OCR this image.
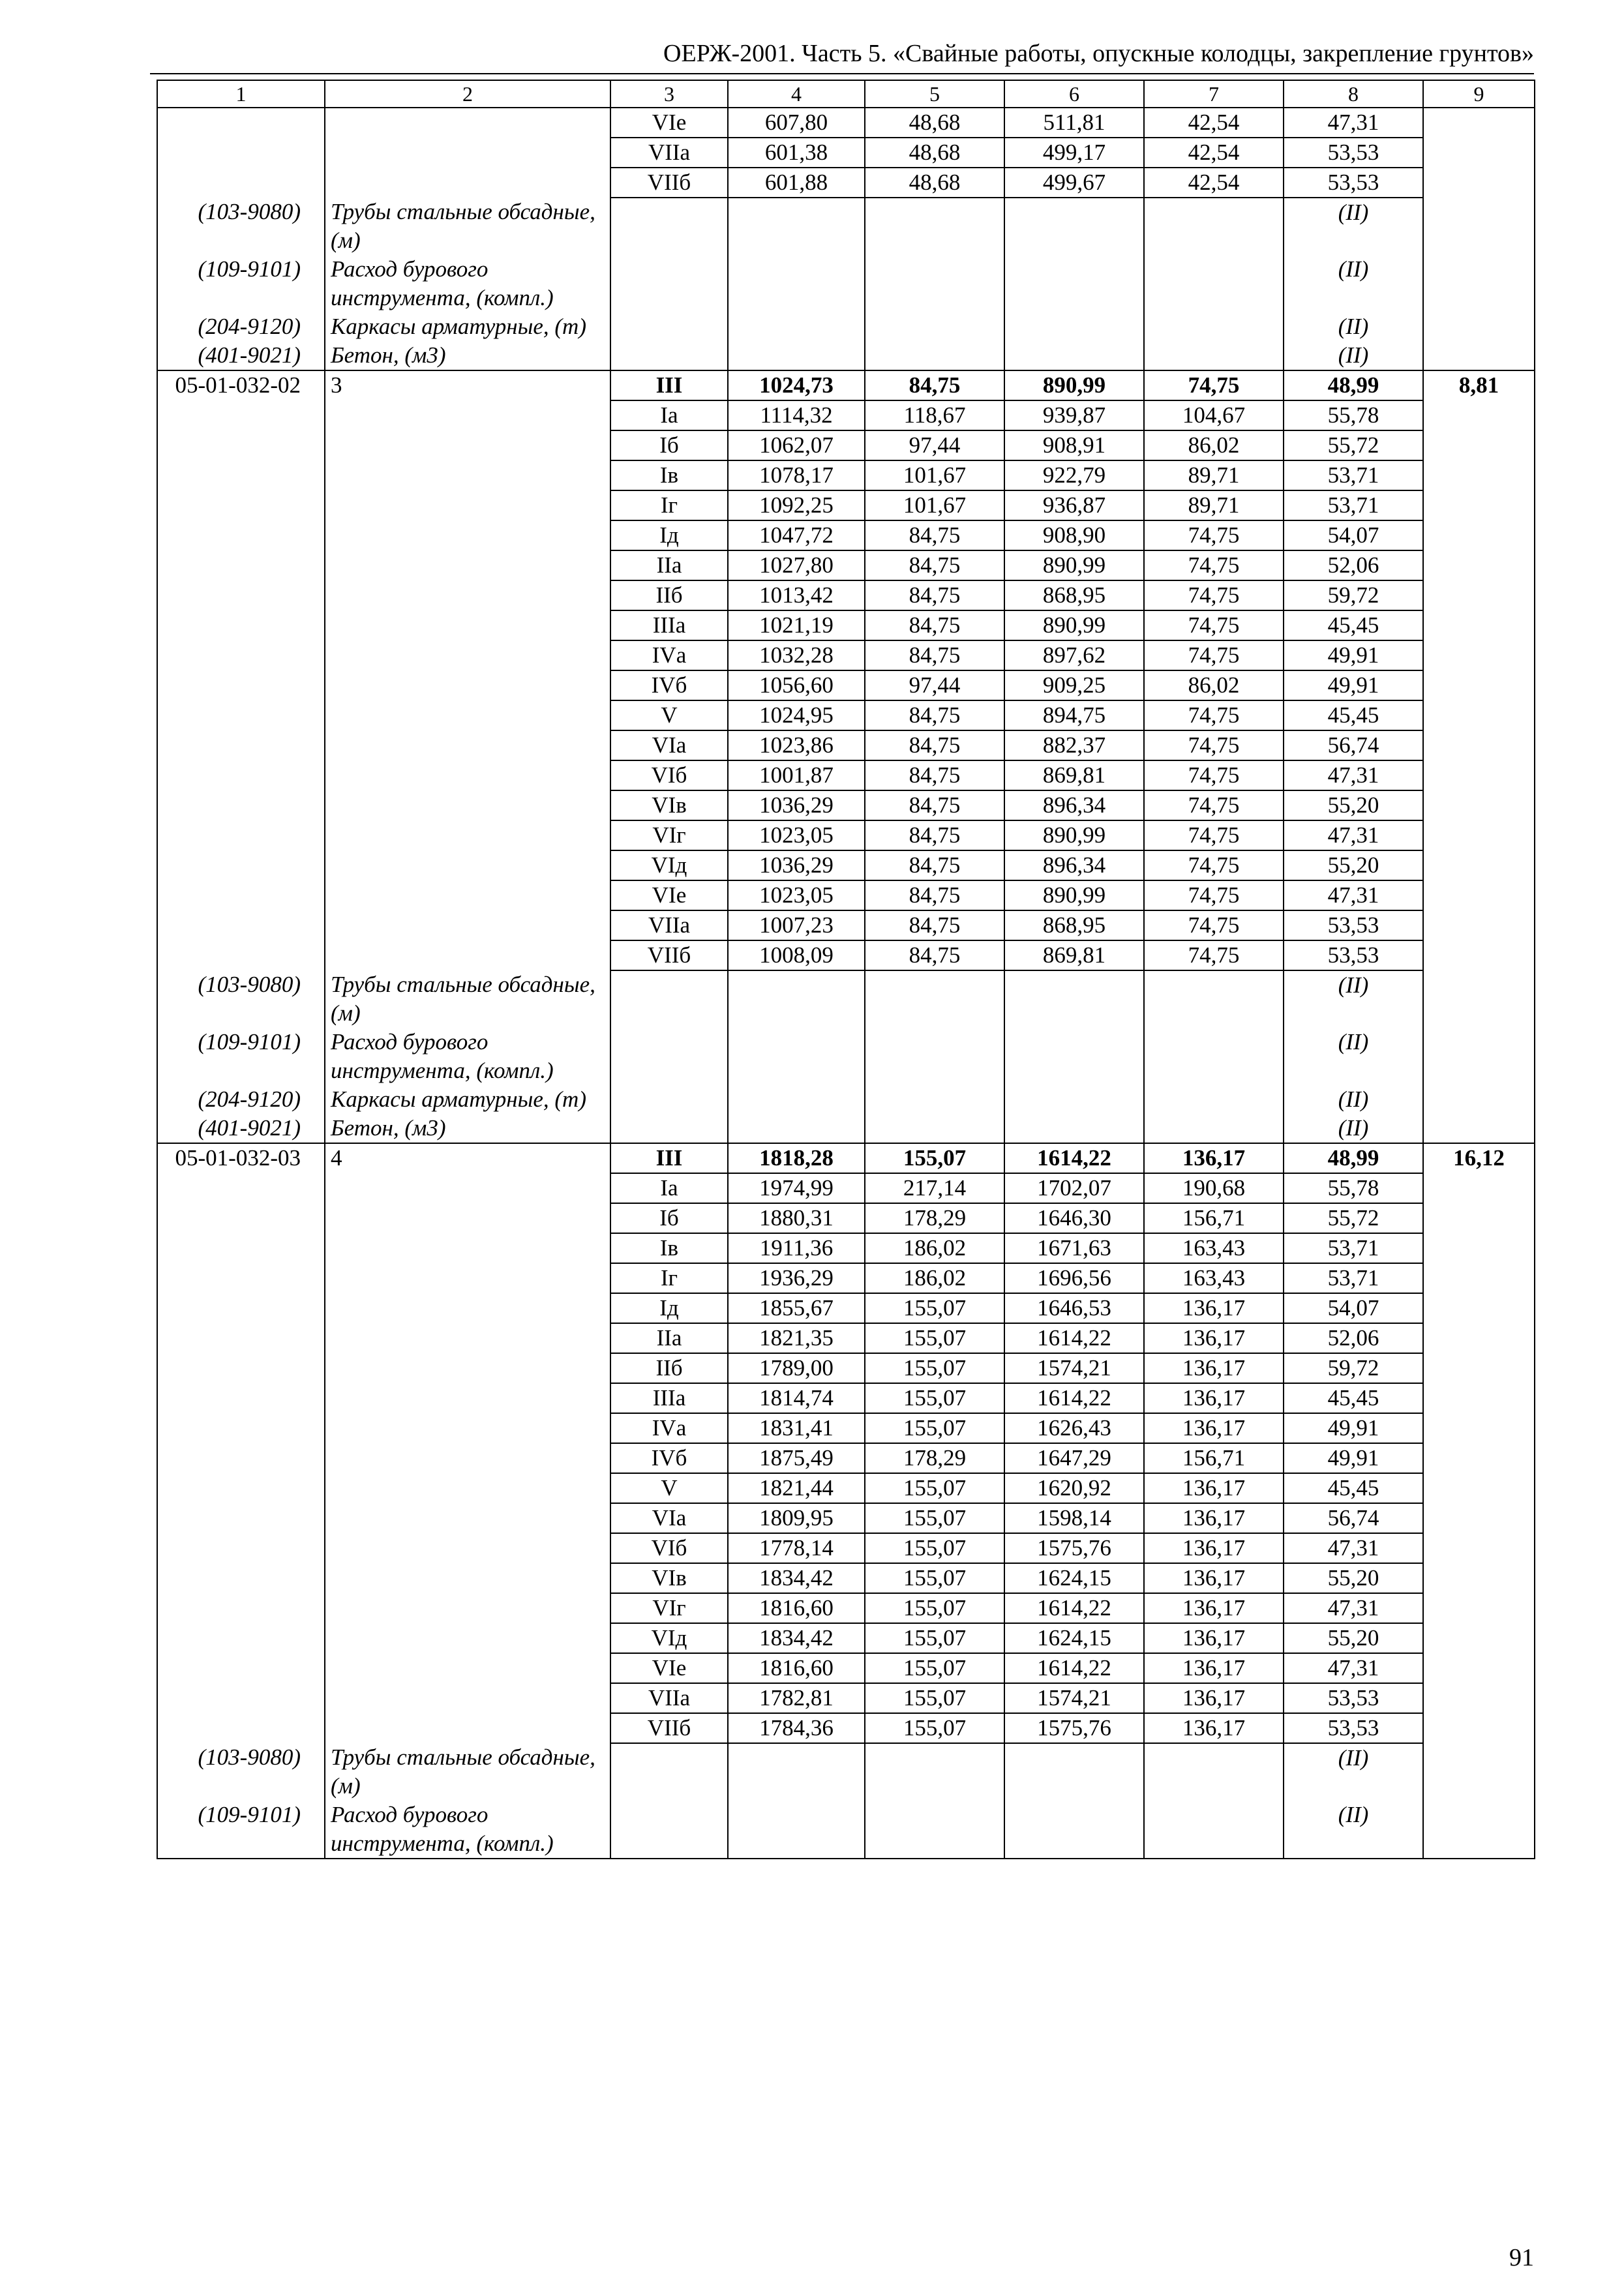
ОЕРЖ-2001. Часть 5. «Свайные работы, опускные колодцы, закрепление грунтов»
1	2	3	4	5	6	7	8	9
		VIе	607,80	48,68	511,81	42,54	47,31	
		VIIа	601,38	48,68	499,17	42,54	53,53	
		VIIб	601,88	48,68	499,67	42,54	53,53	
(103-9080)	Трубы стальные обсадные, (м)						(II)	
(109-9101)	Расход бурового инструмента, (компл.)						(II)	
(204-9120)	Каркасы арматурные, (т)						(II)	
(401-9021)	Бетон, (м3)						(II)	
05-01-032-02	3	III	1024,73	84,75	890,99	74,75	48,99	8,81
		Iа	1114,32	118,67	939,87	104,67	55,78	
		Iб	1062,07	97,44	908,91	86,02	55,72	
		Iв	1078,17	101,67	922,79	89,71	53,71	
		Iг	1092,25	101,67	936,87	89,71	53,71	
		Iд	1047,72	84,75	908,90	74,75	54,07	
		IIа	1027,80	84,75	890,99	74,75	52,06	
		IIб	1013,42	84,75	868,95	74,75	59,72	
		IIIа	1021,19	84,75	890,99	74,75	45,45	
		IVа	1032,28	84,75	897,62	74,75	49,91	
		IVб	1056,60	97,44	909,25	86,02	49,91	
		V	1024,95	84,75	894,75	74,75	45,45	
		VIа	1023,86	84,75	882,37	74,75	56,74	
		VIб	1001,87	84,75	869,81	74,75	47,31	
		VIв	1036,29	84,75	896,34	74,75	55,20	
		VIг	1023,05	84,75	890,99	74,75	47,31	
		VIд	1036,29	84,75	896,34	74,75	55,20	
		VIе	1023,05	84,75	890,99	74,75	47,31	
		VIIа	1007,23	84,75	868,95	74,75	53,53	
		VIIб	1008,09	84,75	869,81	74,75	53,53	
(103-9080)	Трубы стальные обсадные, (м)						(II)	
(109-9101)	Расход бурового инструмента, (компл.)						(II)	
(204-9120)	Каркасы арматурные, (т)						(II)	
(401-9021)	Бетон, (м3)						(II)	
05-01-032-03	4	III	1818,28	155,07	1614,22	136,17	48,99	16,12
		Iа	1974,99	217,14	1702,07	190,68	55,78	
		Iб	1880,31	178,29	1646,30	156,71	55,72	
		Iв	1911,36	186,02	1671,63	163,43	53,71	
		Iг	1936,29	186,02	1696,56	163,43	53,71	
		Iд	1855,67	155,07	1646,53	136,17	54,07	
		IIа	1821,35	155,07	1614,22	136,17	52,06	
		IIб	1789,00	155,07	1574,21	136,17	59,72	
		IIIа	1814,74	155,07	1614,22	136,17	45,45	
		IVа	1831,41	155,07	1626,43	136,17	49,91	
		IVб	1875,49	178,29	1647,29	156,71	49,91	
		V	1821,44	155,07	1620,92	136,17	45,45	
		VIа	1809,95	155,07	1598,14	136,17	56,74	
		VIб	1778,14	155,07	1575,76	136,17	47,31	
		VIв	1834,42	155,07	1624,15	136,17	55,20	
		VIг	1816,60	155,07	1614,22	136,17	47,31	
		VIд	1834,42	155,07	1624,15	136,17	55,20	
		VIе	1816,60	155,07	1614,22	136,17	47,31	
		VIIа	1782,81	155,07	1574,21	136,17	53,53	
		VIIб	1784,36	155,07	1575,76	136,17	53,53	
(103-9080)	Трубы стальные обсадные, (м)						(II)	
(109-9101)	Расход бурового инструмента, (компл.)						(II)	
91
